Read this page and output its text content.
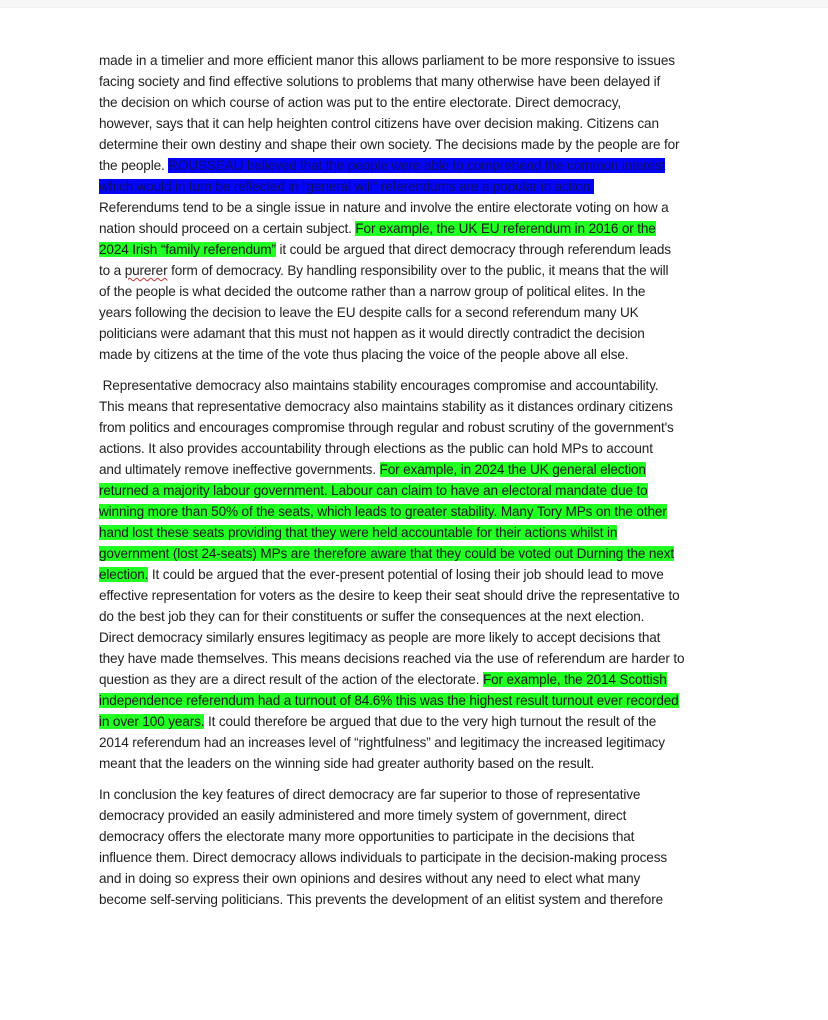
made in a timelier and more efficient manor this allows parliament to be more responsive to issues
facing society and find effective solutions to problems that many otherwise have been delayed if
the decision on which course of action was put to the entire electorate. Direct democracy,
however, says that it can help heighten control citizens have over decision making. Citizens can
determine their own destiny and shape their own society. The decisions made by the people are for
the people. ROUSSEAU believed that the people were able to comprehend the common interest
which would in turn be reflected in “general will” referendums are a popular in action.
Referendums tend to be a single issue in nature and involve the entire electorate voting on how a
nation should proceed on a certain subject. For example, the UK EU referendum in 2016 or the
2024 Irish “family referendum” it could be argued that direct democracy through referendum leads
to a purerer form of democracy. By handling responsibility over to the public, it means that the will
of the people is what decided the outcome rather than a narrow group of political elites. In the
years following the decision to leave the EU despite calls for a second referendum many UK
politicians were adamant that this must not happen as it would directly contradict the decision
made by citizens at the time of the vote thus placing the voice of the people above all else.
Representative democracy also maintains stability encourages compromise and accountability.
This means that representative democracy also maintains stability as it distances ordinary citizens
from politics and encourages compromise through regular and robust scrutiny of the government's
actions. It also provides accountability through elections as the public can hold MPs to account
and ultimately remove ineffective governments. For example, in 2024 the UK general election
returned a majority labour government. Labour can claim to have an electoral mandate due to
winning more than 50% of the seats, which leads to greater stability. Many Tory MPs on the other
hand lost these seats providing that they were held accountable for their actions whilst in
government (lost 24-seats) MPs are therefore aware that they could be voted out Durning the next
election. It could be argued that the ever-present potential of losing their job should lead to move
effective representation for voters as the desire to keep their seat should drive the representative to
do the best job they can for their constituents or suffer the consequences at the next election.
Direct democracy similarly ensures legitimacy as people are more likely to accept decisions that
they have made themselves. This means decisions reached via the use of referendum are harder to
question as they are a direct result of the action of the electorate. For example, the 2014 Scottish
independence referendum had a turnout of 84.6% this was the highest result turnout ever recorded
in over 100 years. It could therefore be argued that due to the very high turnout the result of the
2014 referendum had an increases level of “rightfulness” and legitimacy the increased legitimacy
meant that the leaders on the winning side had greater authority based on the result.
In conclusion the key features of direct democracy are far superior to those of representative
democracy provided an easily administered and more timely system of government, direct
democracy offers the electorate many more opportunities to participate in the decisions that
influence them. Direct democracy allows individuals to participate in the decision-making process
and in doing so express their own opinions and desires without any need to elect what many
become self-serving politicians. This prevents the development of an elitist system and therefore
